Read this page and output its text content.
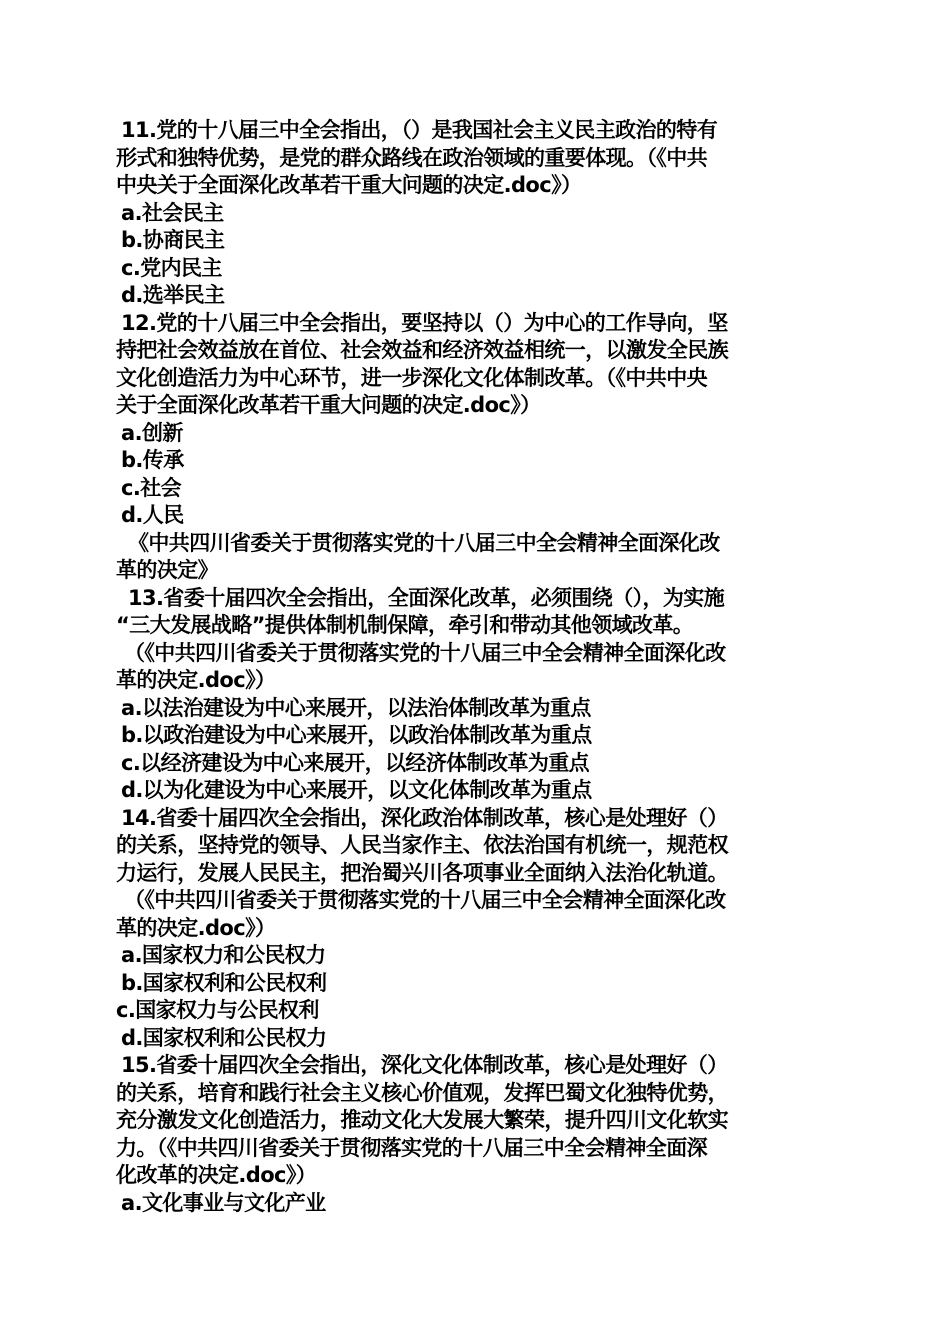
11.党的十八届三中全会指出，（）是我国社会主义民主政治的特有
形式和独特优势，是党的群众路线在政治领域的重要体现。（《中共
中央关于全面深化改革若干重大问题的决定.doc》）
a.社会民主
b.协商民主
c.党内民主
d.选举民主
12.党的十八届三中全会指出，要坚持以（）为中心的工作导向，坚
持把社会效益放在首位、社会效益和经济效益相统一，以激发全民族
文化创造活力为中心环节，进一步深化文化体制改革。（《中共中央
关于全面深化改革若干重大问题的决定.doc》）
a.创新
b.传承
c.社会
d.人民
《中共四川省委关于贯彻落实党的十八届三中全会精神全面深化改
革的决定》
13.省委十届四次全会指出，全面深化改革，必须围绕（），为实施
“三大发展战略”提供体制机制保障，牵引和带动其他领域改革。
（《中共四川省委关于贯彻落实党的十八届三中全会精神全面深化改
革的决定.doc》）
a.以法治建设为中心来展开，以法治体制改革为重点
b.以政治建设为中心来展开，以政治体制改革为重点
c.以经济建设为中心来展开，以经济体制改革为重点
d.以为化建设为中心来展开，以文化体制改革为重点
14.省委十届四次全会指出，深化政治体制改革，核心是处理好（）
的关系，坚持党的领导、人民当家作主、依法治国有机统一，规范权
力运行，发展人民民主，把治蜀兴川各项事业全面纳入法治化轨道。
（《中共四川省委关于贯彻落实党的十八届三中全会精神全面深化改
革的决定.doc》）
a.国家权力和公民权力
b.国家权利和公民权利
c.国家权力与公民权利
d.国家权利和公民权力
15.省委十届四次全会指出，深化文化体制改革，核心是处理好（）
的关系，培育和践行社会主义核心价值观，发挥巴蜀文化独特优势，
充分激发文化创造活力，推动文化大发展大繁荣，提升四川文化软实
力。（《中共四川省委关于贯彻落实党的十八届三中全会精神全面深
化改革的决定.doc》）
a.文化事业与文化产业
